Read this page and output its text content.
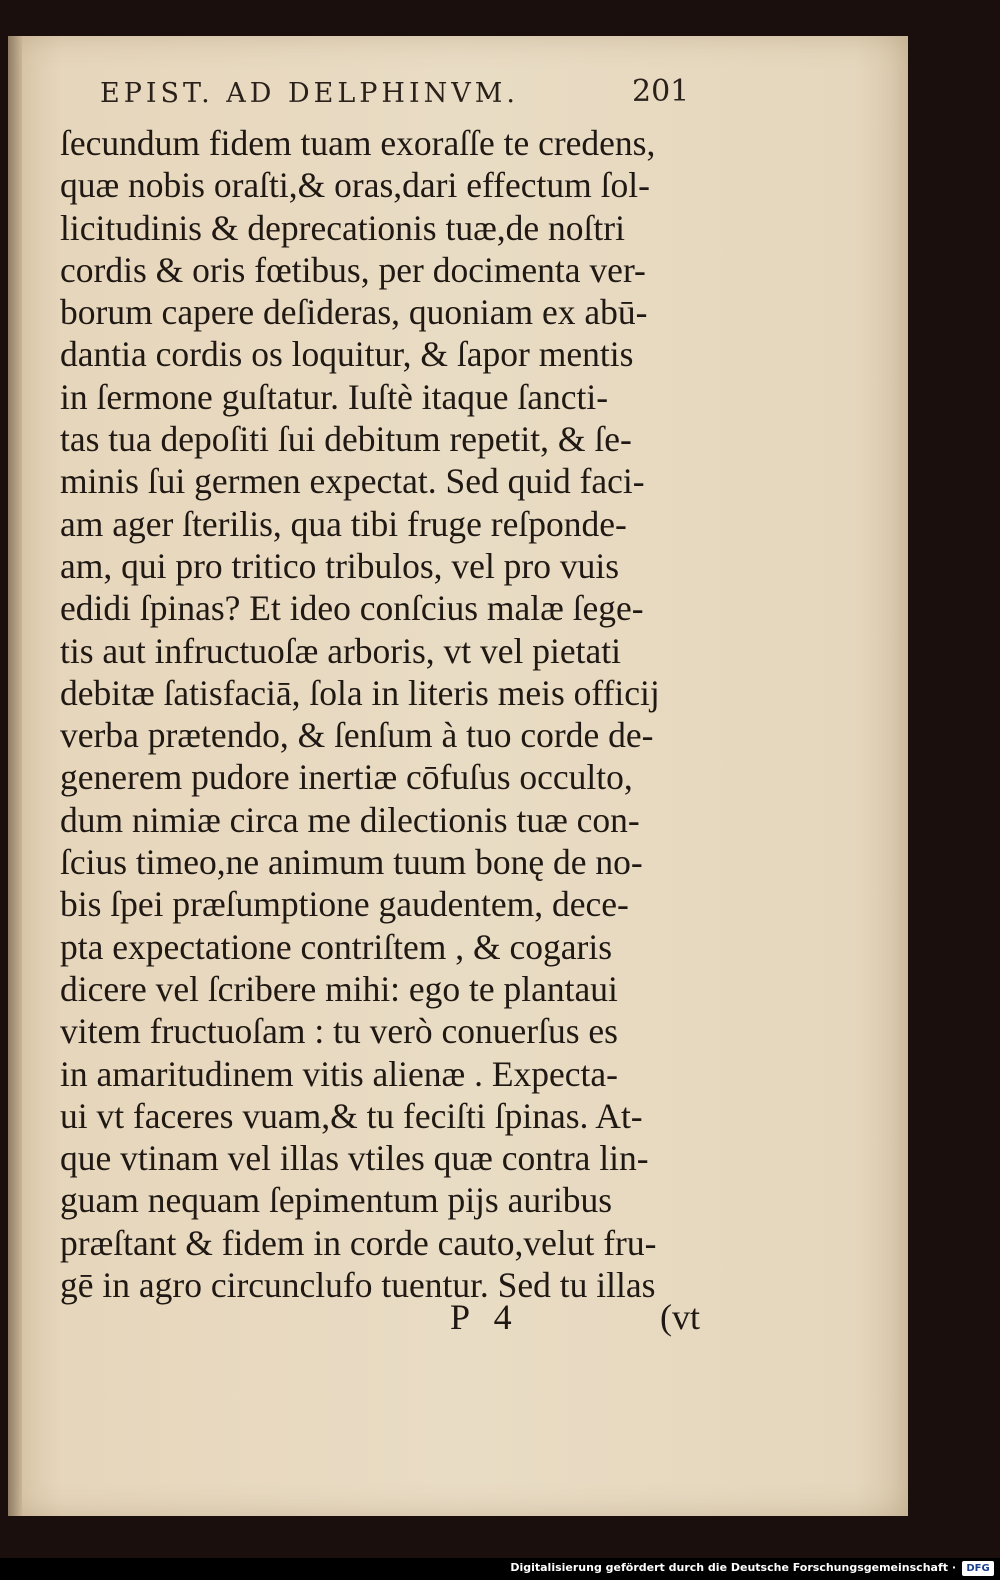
EPIST. AD DELPHINVM.	201
ſecundum fidem tuam exoraſſe te credens,
quæ nobis oraſti,& oras,dari effectum ſol-
licitudinis & deprecationis tuæ,de noſtri
cordis & oris fœtibus, per docimenta ver-
borum capere deſideras, quoniam ex abū-
dantia cordis os loquitur, & ſapor mentis
in ſermone guſtatur. Iuſtè itaque ſancti-
tas tua depoſiti ſui debitum repetit, & ſe-
minis ſui germen expectat. Sed quid faci-
am ager ſterilis, qua tibi fruge reſponde-
am, qui pro tritico tribulos, vel pro vuis
edidi ſpinas? Et ideo conſcius malæ ſege-
tis aut infructuoſæ arboris, vt vel pietati
debitæ ſatisfaciā, ſola in literis meis officij
verba prætendo, & ſenſum à tuo corde de-
generem pudore inertiæ cōfuſus occulto,
dum nimiæ circa me dilectionis tuæ con-
ſcius timeo,ne animum tuum bonę de no-
bis ſpei præſumptione gaudentem, dece-
pta expectatione contriſtem , & cogaris
dicere vel ſcribere mihi: ego te plantaui
vitem fructuoſam : tu verò conuerſus es
in amaritudinem vitis alienæ . Expecta-
ui vt faceres vuam,& tu feciſti ſpinas. At-
que vtinam vel illas vtiles quæ contra lin-
guam nequam ſepimentum pijs auribus
præſtant & fidem in corde cauto,velut fru-
gē in agro circunclufo tuentur. Sed tu illas
P 4	(vt
Digitalisierung gefördert durch die Deutsche Forschungsgemeinschaft ·	DFG
